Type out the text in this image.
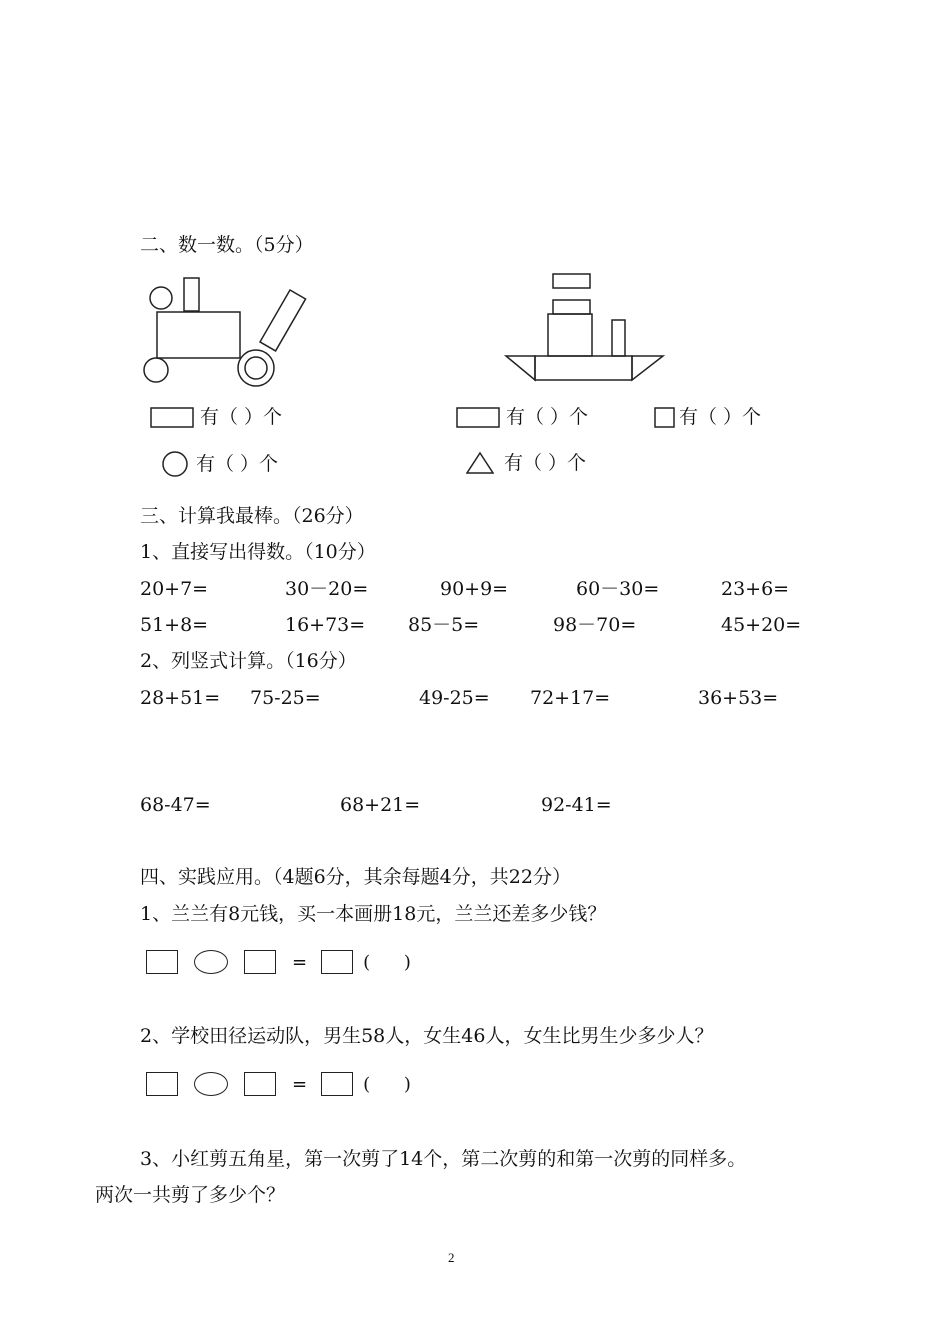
二、数一数。（5分）
有（ ）个
有（ ）个
有（ ）个	有（ ）个
有（ ）个
三、计算我最棒。（26分）
1、直接写出得数。（10分）
20+7=	30－20=	90+9=	60－30=	23+6=
51+8=	16+73= 85－5=	98－70=	45+20=
2、列竖式计算。（16分）
28+51= 75-25=	49-25= 72+17=	36+53=
68-47=	68+21=	92-41=
四、实践应用。（4题6分，其余每题4分，共22分）
1、兰兰有8元钱，买一本画册18元，兰兰还差多少钱？
=	( )
2、学校田径运动队，男生58人，女生46人，女生比男生少多少人？
=	( )
3、小红剪五角星，第一次剪了14个，第二次剪的和第一次剪的同样多。
两次一共剪了多少个？
2
